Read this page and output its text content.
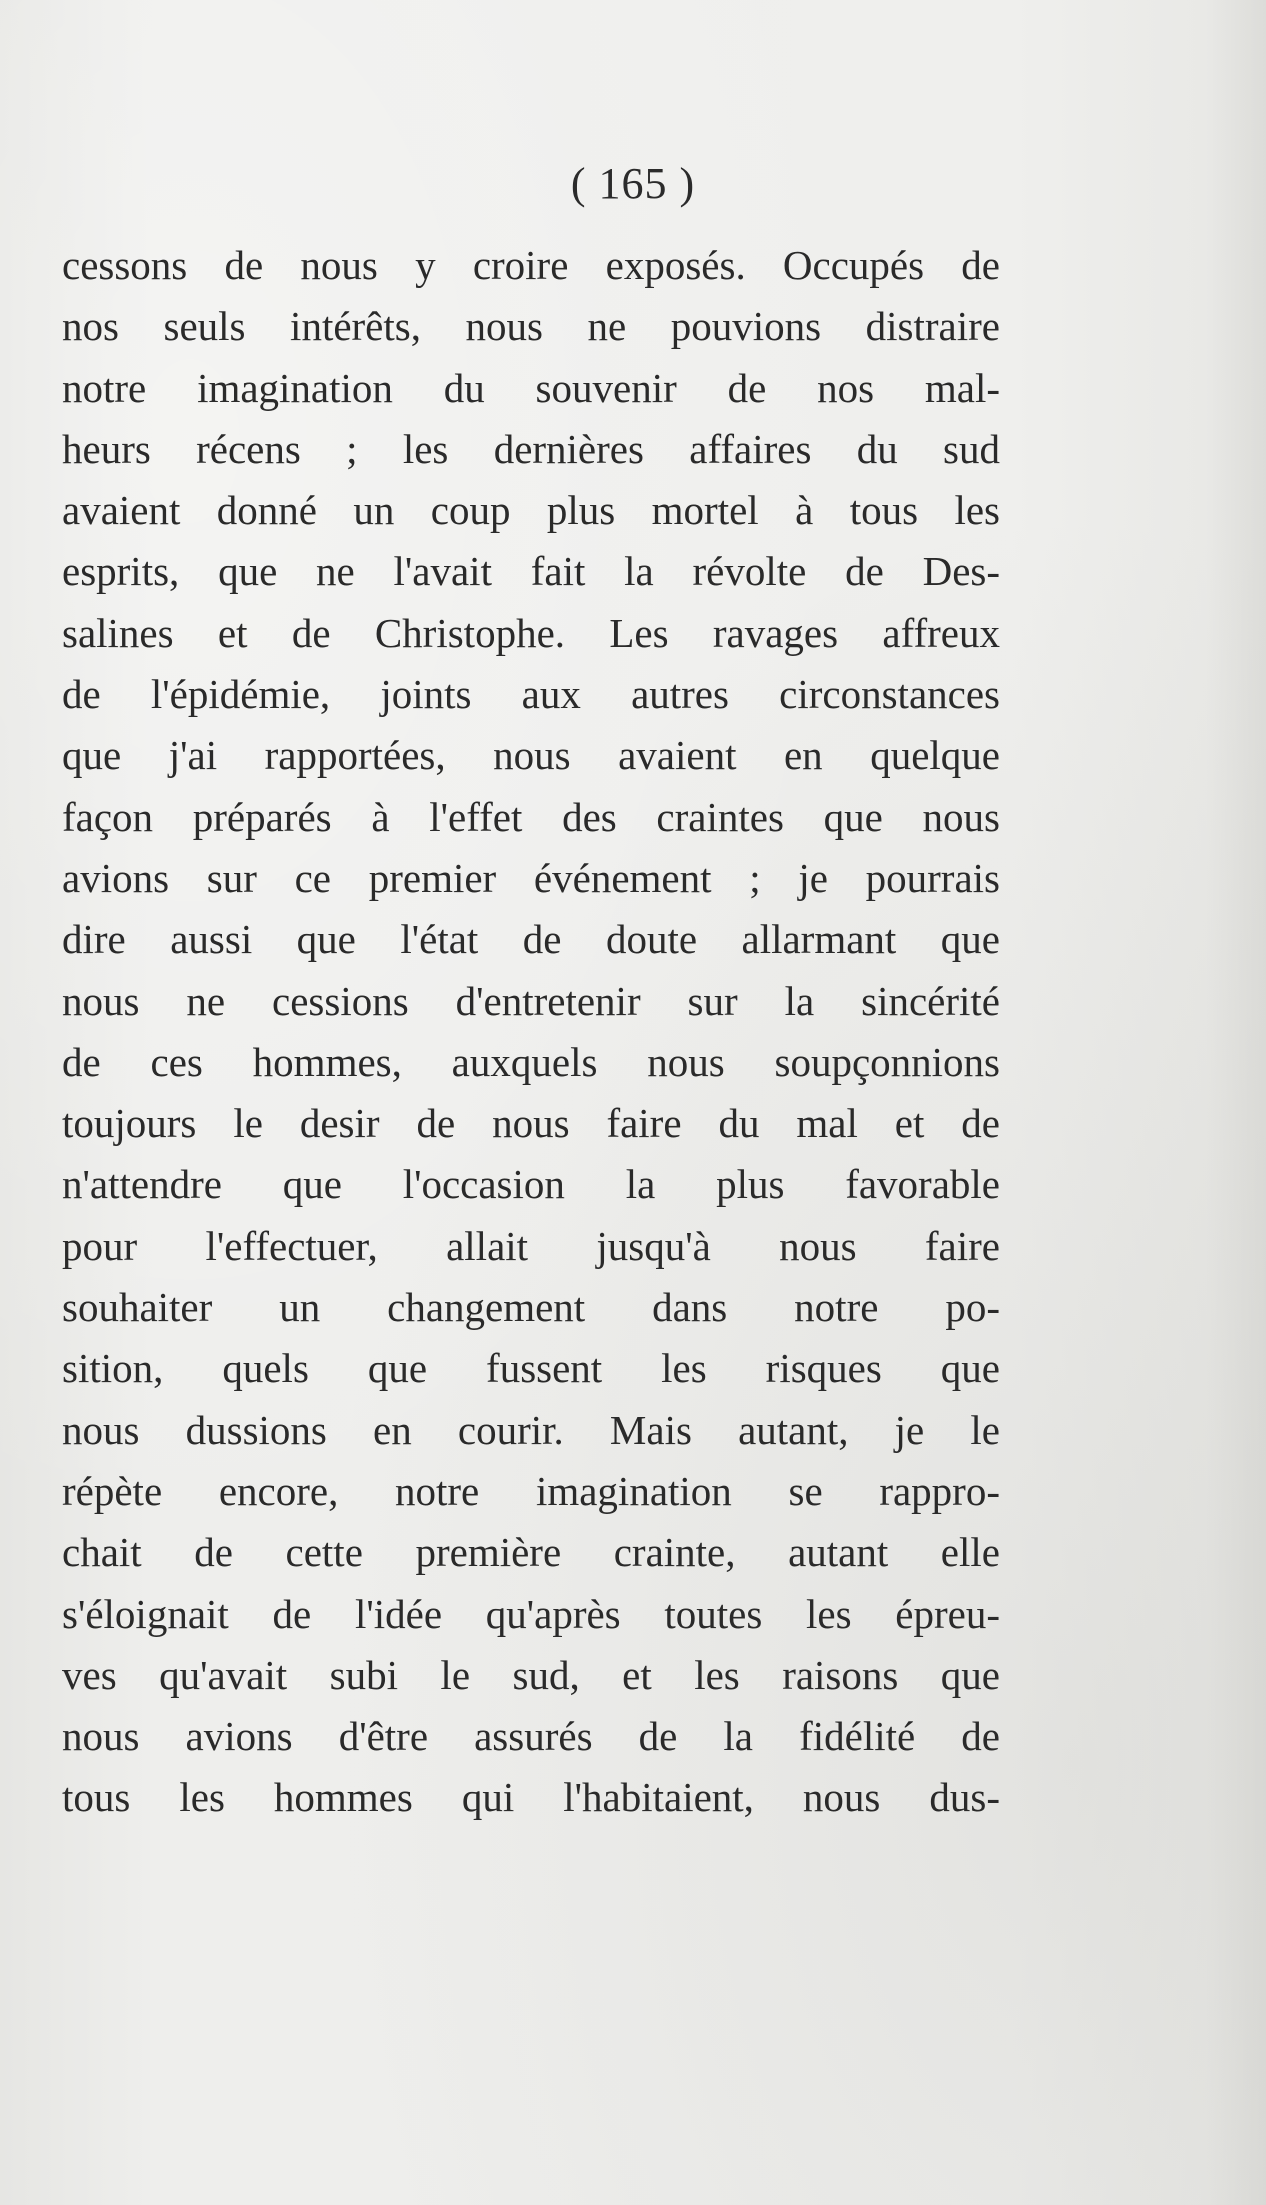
( 165 )
cessons de nous y croire exposés. Occupés de
nos seuls intérêts, nous ne pouvions distraire
notre imagination du souvenir de nos mal-
heurs récens ; les dernières affaires du sud
avaient donné un coup plus mortel à tous les
esprits, que ne l'avait fait la révolte de Des-
salines et de Christophe. Les ravages affreux
de l'épidémie, joints aux autres circonstances
que j'ai rapportées, nous avaient en quelque
façon préparés à l'effet des craintes que nous
avions sur ce premier événement ; je pourrais
dire aussi que l'état de doute allarmant que
nous ne cessions d'entretenir sur la sincérité
de ces hommes, auxquels nous soupçonnions
toujours le desir de nous faire du mal et de
n'attendre que l'occasion la plus favorable
pour l'effectuer, allait jusqu'à nous faire
souhaiter un changement dans notre po-
sition, quels que fussent les risques que
nous dussions en courir. Mais autant, je le
répète encore, notre imagination se rappro-
chait de cette première crainte, autant elle
s'éloignait de l'idée qu'après toutes les épreu-
ves qu'avait subi le sud, et les raisons que
nous avions d'être assurés de la fidélité de
tous les hommes qui l'habitaient, nous dus-
